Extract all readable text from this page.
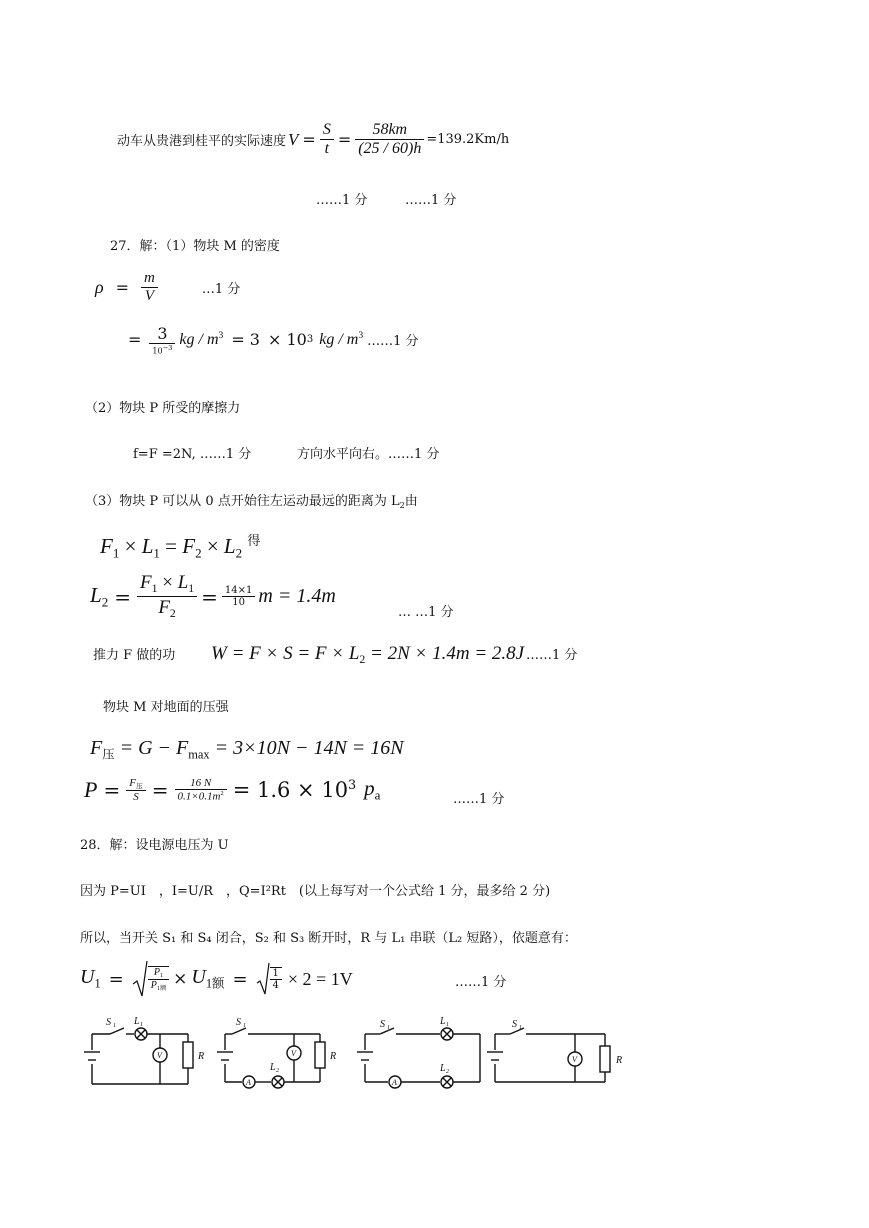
动车从贵港到桂平的实际速度 $V = \frac{S}{t} = \frac{58km}{(25 / 60)h} =139.2Km/h$
……1 分	……1 分
27．解：（1）物块 M 的密度
$\rho = \frac{m}{V}$	…1 分
= $\frac{3}{10^{-3}}$ kg / $m^3 = 3 \times 10$ 3 kg / $m^3$ ……1 分
（2）物块 P 所受的摩擦力
f=F =2N, ……1 分	方向水平向右。……1 分
（3）物块 P 可以从 0 点开始往左运动最远的距离为 $L_2$由
$F_1 \times L_1 = F_2 \times L_2$ $^得$
$L_2 = \frac{F_1 \times L_1}{F_2} = \frac{14\times 1}{10}$ m = 1.4m
… …1 分
推力 F 做的功 $W = F \times S = F \times L_2 = 2N \times 1.4m = 2.8J$ ……1 分
物块 M 对地面的压强
$F_压 = G - F_{max} = 3\times 10N - 14N = 16N$
$P = \frac{F_压}{S} = \frac{16 N}{0.1\times 0.1m^2} = 1.6 \times 10^3$ $p_a$	……1 分
28．解：设电源电压为 U
因为 P=UI　，I=U/R　，Q=I²Rt　(以上每写对一个公式给 1 分，最多给 2 分)
所以，当开关 S₁ 和 S₄ 闭合，S₂ 和 S₃ 断开时，R 与 L₁ 串联（L₂ 短路），依题意有：
$U_1 = \frac{P_1}{P_{1额}} \times U_{1额} = \frac{1}{4} \times 2 = 1V$	……1 分
S 1 L 1
V	R
S 1
V	R
A
L 2
S 1
L 1
A
L 2
S 1
V	R
